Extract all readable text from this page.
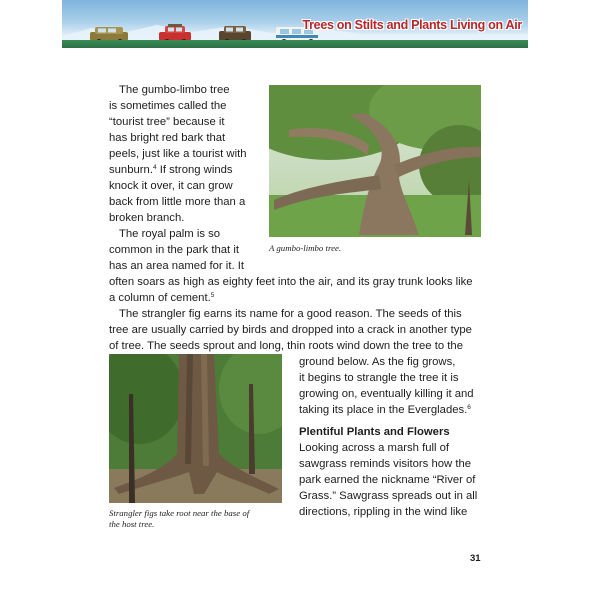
Trees on Stilts and Plants Living on Air
A gumbo-limbo tree.
Strangler figs take root near the base of
the host tree.
The gumbo-limbo tree
is sometimes called the
“tourist tree” because it
has bright red bark that
peels, just like a tourist with
sunburn.$^4$ If strong winds
knock it over, it can grow
back from little more than a
broken branch.
The royal palm is so
common in the park that it
has an area named for it. It
often soars as high as eighty feet into the air, and its gray trunk looks like
a column of cement.$^5$
The strangler fig earns its name for a good reason. The seeds of this
tree are usually carried by birds and dropped into a crack in another type
of tree. The seeds sprout and long, thin roots wind down the tree to the
ground below. As the fig grows,
it begins to strangle the tree it is
growing on, eventually killing it and
taking its place in the Everglades.$^6$
Plentiful Plants and Flowers
Looking across a marsh full of
sawgrass reminds visitors how the
park earned the nickname “River of
Grass.” Sawgrass spreads out in all
directions, rippling in the wind like
31
